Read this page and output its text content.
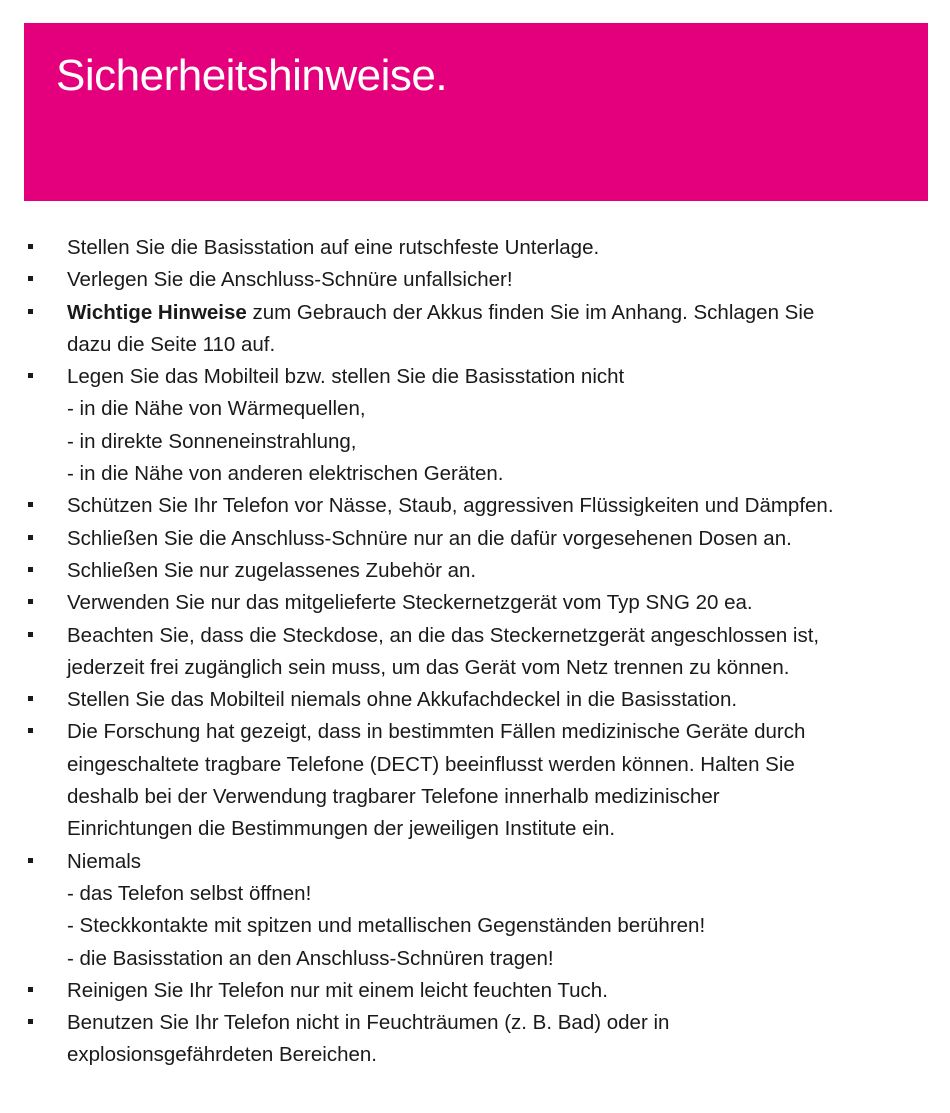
Sicherheitshinweise.
Stellen Sie die Basisstation auf eine rutschfeste Unterlage.
Verlegen Sie die Anschluss-Schnüre unfallsicher!
Wichtige Hinweise zum Gebrauch der Akkus finden Sie im Anhang. Schlagen Sie
dazu die Seite 110 auf.
Legen Sie das Mobilteil bzw. stellen Sie die Basisstation nicht
- in die Nähe von Wärmequellen,
- in direkte Sonneneinstrahlung,
- in die Nähe von anderen elektrischen Geräten.
Schützen Sie Ihr Telefon vor Nässe, Staub, aggressiven Flüssigkeiten und Dämpfen.
Schließen Sie die Anschluss-Schnüre nur an die dafür vorgesehenen Dosen an.
Schließen Sie nur zugelassenes Zubehör an.
Verwenden Sie nur das mitgelieferte Steckernetzgerät vom Typ SNG 20 ea.
Beachten Sie, dass die Steckdose, an die das Steckernetzgerät angeschlossen ist,
jederzeit frei zugänglich sein muss, um das Gerät vom Netz trennen zu können.
Stellen Sie das Mobilteil niemals ohne Akkufachdeckel in die Basisstation.
Die Forschung hat gezeigt, dass in bestimmten Fällen medizinische Geräte durch
eingeschaltete tragbare Telefone (DECT) beeinflusst werden können. Halten Sie
deshalb bei der Verwendung tragbarer Telefone innerhalb medizinischer
Einrichtungen die Bestimmungen der jeweiligen Institute ein.
Niemals
- das Telefon selbst öffnen!
- Steckkontakte mit spitzen und metallischen Gegenständen berühren!
- die Basisstation an den Anschluss-Schnüren tragen!
Reinigen Sie Ihr Telefon nur mit einem leicht feuchten Tuch.
Benutzen Sie Ihr Telefon nicht in Feuchträumen (z. B. Bad) oder in
explosionsgefährdeten Bereichen.
